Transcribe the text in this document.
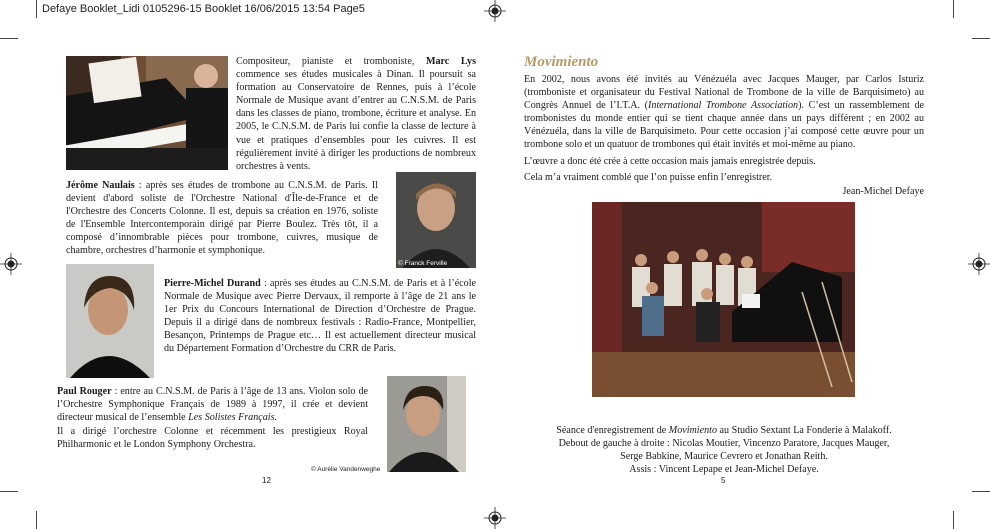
Defaye Booklet_Lidi 0105296-15 Booklet 16/06/2015 13:54 Page5
Compositeur, pianiste et tromboniste, Marc Lys commence ses études musicales à Dinan. Il poursuit sa formation au Conservatoire de Rennes, puis à l’école Normale de Musique avant d’entrer au C.N.S.M. de Paris dans les classes de piano, trombone, écriture et analyse. En 2005, le C.N.S.M. de Paris lui confie la classe de lecture à vue et pratiques d’ensembles pour les cuivres. Il est régulièrement invité à diriger les productions de nombreux orchestres à vents.
Jérôme Naulais : après ses études de trombone au C.N.S.M. de Paris. Il devient d'abord soliste de l'Orchestre National d'Île-de-France et de l'Orchestre des Concerts Colonne. Il est, depuis sa création en 1976, soliste de l'Ensemble Intercontemporain dirigé par Pierre Boulez. Très tôt, il a composé d’innombrable pièces pour trombone, cuivres, musique de chambre, orchestres d’harmonie et symphonique.
© Franck Ferville
Pierre-Michel Durand : après ses études au C.N.S.M. de Paris et à l’école Normale de Musique avec Pierre Dervaux, il remporte à l’âge de 21 ans le 1er Prix du Concours International de Direction d’Orchestre de Prague. Depuis il a dirigé dans de nombreux festivals : Radio-France, Montpellier, Besançon, Printemps de Prague etc… Il est actuellement directeur musical du Département Formation d’Orchestre du CRR de Paris.
Paul Rouger : entre au C.N.S.M. de Paris à l’âge de 13 ans. Violon solo de l’Orchestre Symphonique Français de 1989 à 1997, il crée et devient directeur musical de l’ensemble Les Solistes Français.
Il a dirigé l’orchestre Colonne et récemment les prestigieux Royal Philharmonic et le London Symphony Orchestra.
© Aurélie Vandenweghe
12
Movimiento
En 2002, nous avons été invités au Vénézuéla avec Jacques Mauger, par Carlos Isturiz (tromboniste et organisateur du Festival National de Trombone de la ville de Barquisimeto) au Congrès Annuel de l’I.T.A. (International Trombone Association). C’est un rassemblement de trombonistes du monde entier qui se tient chaque année dans un pays différent ; en 2002 au Vénézuéla, dans la ville de Barquisimeto. Pour cette occasion j’ai composé cette œuvre pour un trombone solo et un quatuor de trombones qui était invités et moi-même au piano.
L’œuvre a donc été crée à cette occasion mais jamais enregistrée depuis.
Cela m’a vraiment comblé que l’on puisse enfin l’enregistrer.
Jean-Michel Defaye
Séance d'enregistrement de Movimiento au Studio Sextant La Fonderie à Malakoff.
Debout de gauche à droite : Nicolas Moutier, Vincenzo Paratore, Jacques Mauger,
Serge Babkine, Maurice Cevrero et Jonathan Reith.
Assis : Vincent Lepape et Jean-Michel Defaye.
5
